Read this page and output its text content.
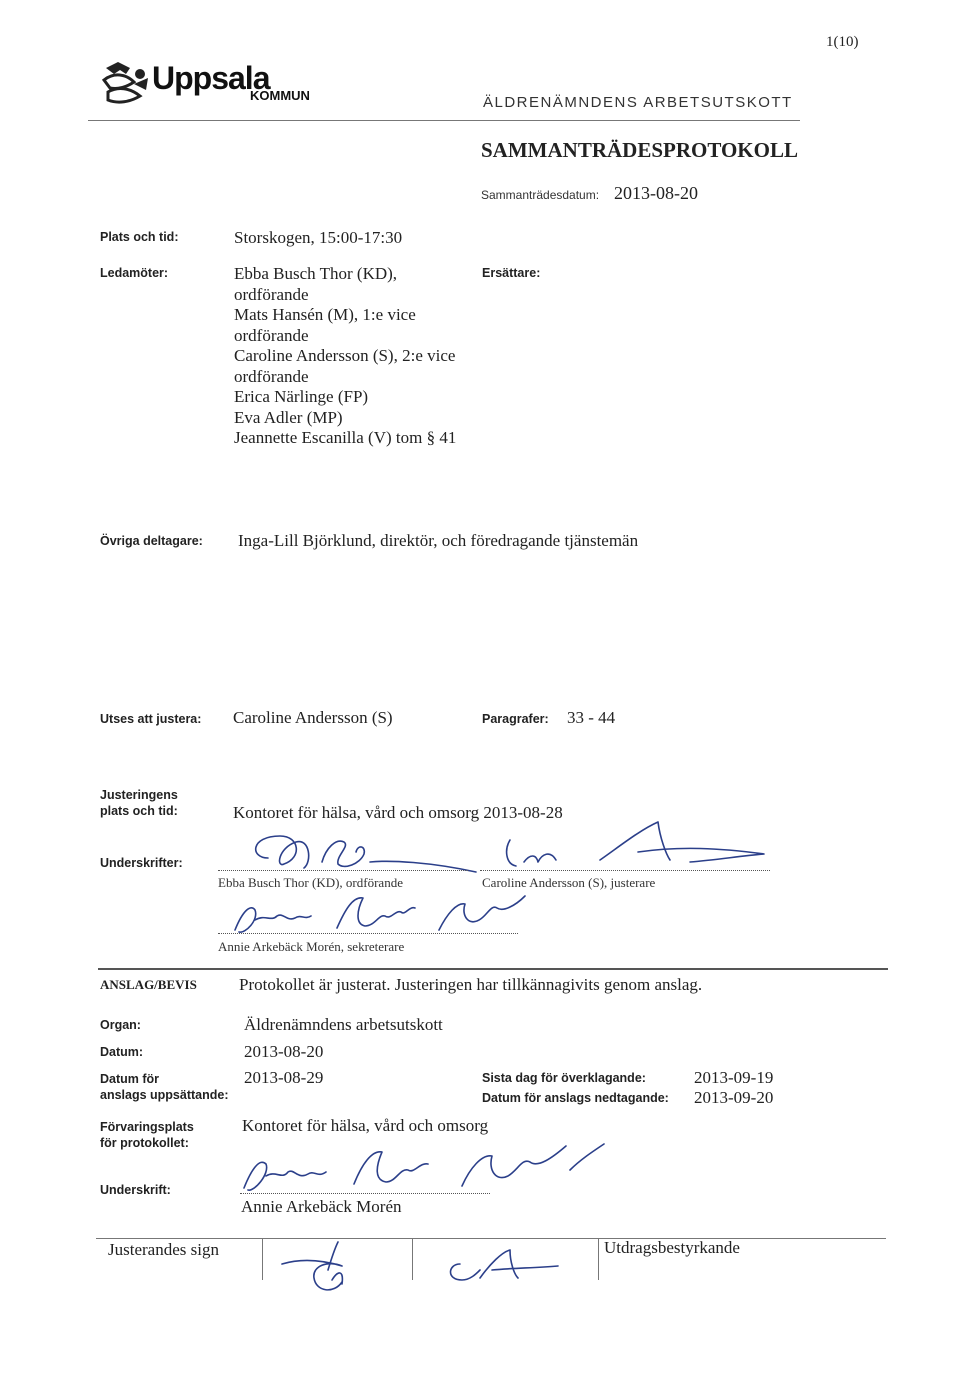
1(10)
Uppsala
KOMMUN	ÄLDRENÄMNDENS ARBETSUTSKOTT
SAMMANTRÄDESPROTOKOLL
Sammanträdesdatum: 2013-08-20
Plats och tid:	Storskogen, 15:00-17:30
Ledamöter:	Ebba Busch Thor (KD),
ordförande
Mats Hansén (M), 1:e vice
ordförande
Caroline Andersson (S), 2:e vice
ordförande
Erica Närlinge (FP)
Eva Adler (MP)
Jeannette Escanilla (V) tom § 41
Ersättare:
Övriga deltagare: Inga-Lill Björklund, direktör, och föredragande tjänstemän
Utses att justera: Caroline Andersson (S)	Paragrafer: 33 - 44
Justeringens
plats och tid:	Kontoret för hälsa, vård och omsorg 2013-08-28
Underskrifter:
Ebba Busch Thor (KD), ordförande	Caroline Andersson (S), justerare
Annie Arkebäck Morén, sekreterare
ANSLAG/BEVIS Protokollet är justerat. Justeringen har tillkännagivits genom anslag.
Organ:	Äldrenämndens arbetsutskott
Datum:	2013-08-20
Datum för
anslags uppsättande:
2013-08-29	Sista dag för överklagande:	2013-09-19
Datum för anslags nedtagande: 2013-09-20
Förvaringsplats
för protokollet:
Kontoret för hälsa, vård och omsorg
Underskrift:
Annie Arkebäck Morén
Justerandes sign	Utdragsbestyrkande
